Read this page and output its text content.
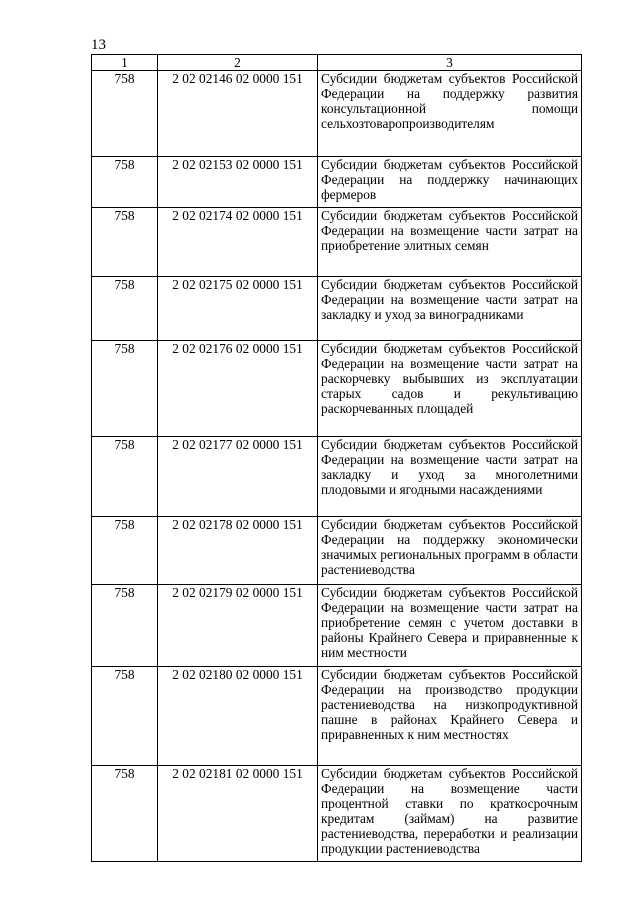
13
1	2	3
758	2 02 02146 02 0000 151	Субсидии бюджетам субъектов Российской Федерации на поддержку развития консультационной помощи сельхозтоваропроизводителям
758	2 02 02153 02 0000 151	Субсидии бюджетам субъектов Российской Федерации на поддержку начинающих фермеров
758	2 02 02174 02 0000 151	Субсидии бюджетам субъектов Российской Федерации на возмещение части затрат на приобретение элитных семян
758	2 02 02175 02 0000 151	Субсидии бюджетам субъектов Российской Федерации на возмещение части затрат на закладку и уход за виноградниками
758	2 02 02176 02 0000 151	Субсидии бюджетам субъектов Российской Федерации на возмещение части затрат на раскорчевку выбывших из эксплуатации старых садов и рекультивацию раскорчеванных площадей
758	2 02 02177 02 0000 151	Субсидии бюджетам субъектов Российской Федерации на возмещение части затрат на закладку и уход за многолетними плодовыми и ягодными насаждениями
758	2 02 02178 02 0000 151	Субсидии бюджетам субъектов Российской Федерации на поддержку экономически значимых региональных программ в области растениеводства
758	2 02 02179 02 0000 151	Субсидии бюджетам субъектов Российской Федерации на возмещение части затрат на приобретение семян с учетом доставки в районы Крайнего Севера и приравненные к ним местности
758	2 02 02180 02 0000 151	Субсидии бюджетам субъектов Российской Федерации на производство продукции растениеводства на низкопродуктивной пашне в районах Крайнего Севера и приравненных к ним местностях
758	2 02 02181 02 0000 151	Субсидии бюджетам субъектов Российской Федерации на возмещение части процентной ставки по краткосрочным кредитам (займам) на развитие растениеводства, переработки и реализации продукции растениеводства
